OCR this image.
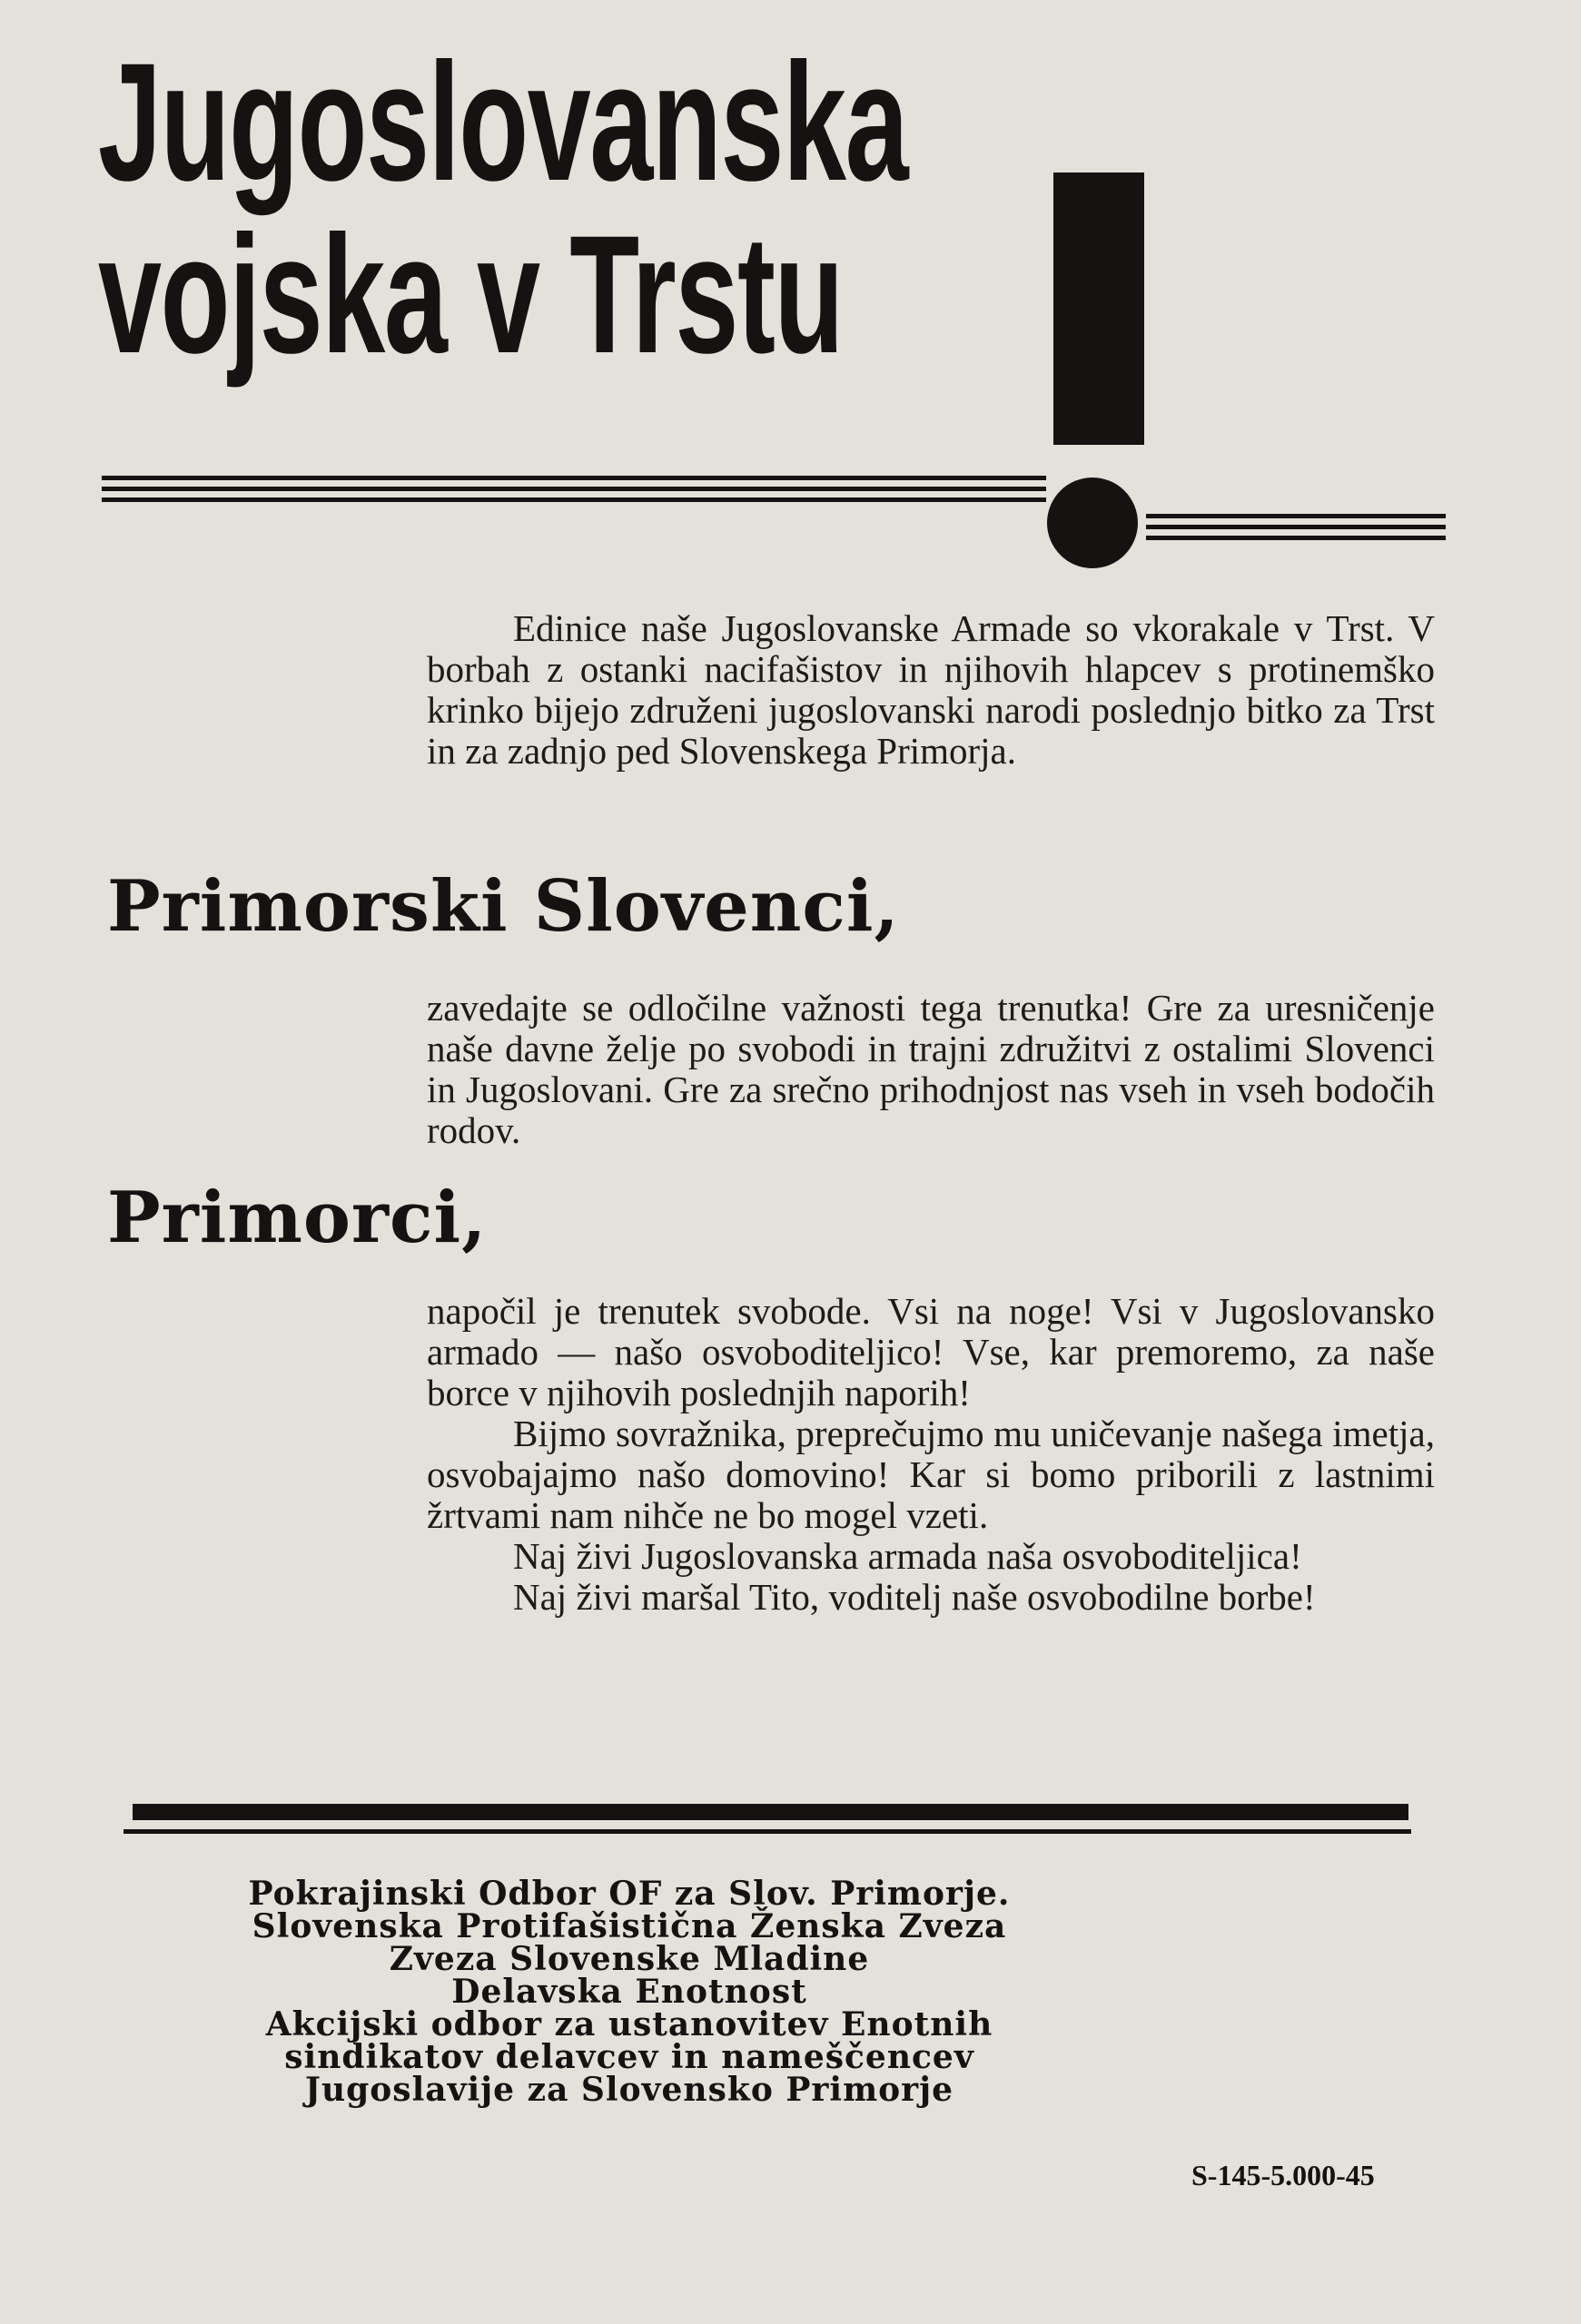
Jugoslovanska
vojska v Trstu

Edinice naše Jugoslovanske Armade so vkorakale v Trst. V borbah z ostanki nacifašistov in njihovih hlapcev s protinemško krinko bijejo združeni jugoslovanski narodi poslednjo bitko za Trst in za zadnjo ped Slovenskega Primorja.

Primorski Slovenci,

zavedajte se odločilne važnosti tega trenutka! Gre za uresničenje naše davne želje po svobodi in trajni združitvi z ostalimi Slovenci in Jugoslovani. Gre za srečno prihodnjost nas vseh in vseh bodočih rodov.

Primorci,

napočil je trenutek svobode. Vsi na noge! Vsi v Jugoslovansko armado — našo osvoboditeljico! Vse, kar premoremo, za naše borce v njihovih poslednjih naporih!

Bijmo sovražnika, preprečujmo mu uničevanje našega imetja, osvobajajmo našo domovino! Kar si bomo priborili z lastnimi žrtvami nam nihče ne bo mogel vzeti.

Naj živi Jugoslovanska armada naša osvoboditeljica!

Naj živi maršal Tito, voditelj naše osvobodilne borbe!

Pokrajinski Odbor OF za Slov. Primorje.
Slovenska Protifašistična Ženska Zveza
Zveza Slovenske Mladine
Delavska Enotnost
Akcijski odbor za ustanovitev Enotnih
sindikatov delavcev in nameščencev
Jugoslavije za Slovensko Primorje
S-145-5.000-45
